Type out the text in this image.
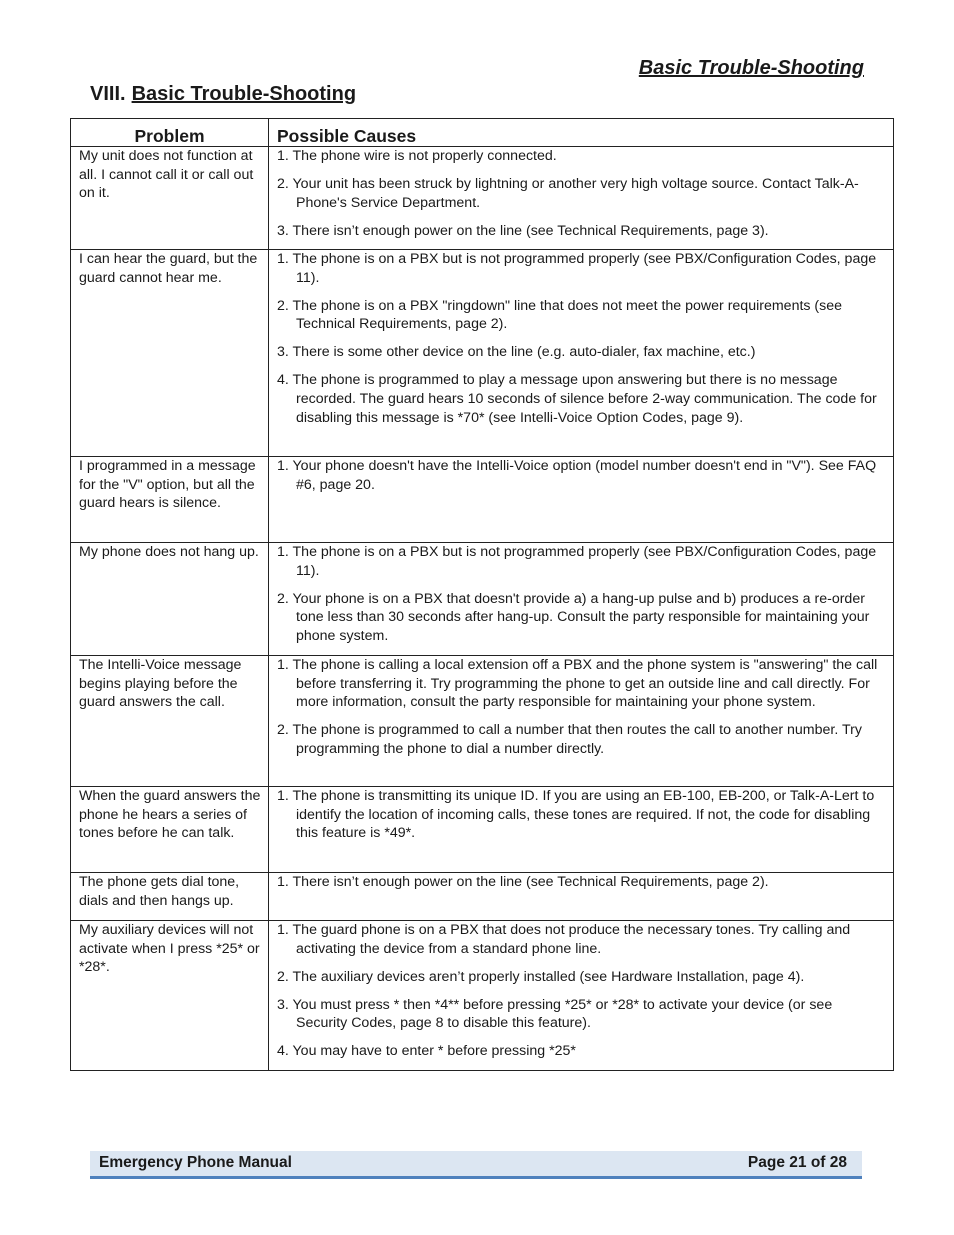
Basic Trouble-Shooting
VIII. Basic Trouble-Shooting
Problem	Possible Causes
My unit does not function at all. I cannot call it or call out on it.	1. The phone wire is not properly connected.
2. Your unit has been struck by lightning or another very high voltage source. Contact Talk-A-Phone's Service Department.
3. There isn’t enough power on the line (see Technical Requirements, page 3).

I can hear the guard, but the guard cannot hear me.	1. The phone is on a PBX but is not programmed properly (see PBX/Configuration Codes, page 11).
2. The phone is on a PBX "ringdown" line that does not meet the power requirements (see Technical Requirements, page 2).
3. There is some other device on the line (e.g. auto-dialer, fax machine, etc.)
4. The phone is programmed to play a message upon answering but there is no message recorded. The guard hears 10 seconds of silence before 2-way communication. The code for disabling this message is *70* (see Intelli-Voice Option Codes, page 9).

I programmed in a message for the "V" option, but all the guard hears is silence.	1. Your phone doesn't have the Intelli-Voice option (model number doesn't end in "V"). See FAQ #6, page 20.

My phone does not hang up.	1. The phone is on a PBX but is not programmed properly (see PBX/Configuration Codes, page 11).
2. Your phone is on a PBX that doesn't provide a) a hang-up pulse and b) produces a re-order tone less than 30 seconds after hang-up. Consult the party responsible for maintaining your phone system.

The Intelli-Voice message begins playing before the guard answers the call.	1. The phone is calling a local extension off a PBX and the phone system is "answering" the call before transferring it. Try programming the phone to get an outside line and call directly. For more information, consult the party responsible for maintaining your phone system.
2. The phone is programmed to call a number that then routes the call to another number. Try programming the phone to dial a number directly.

When the guard answers the phone he hears a series of tones before he can talk.	1. The phone is transmitting its unique ID. If you are using an EB-100, EB-200, or Talk-A-Lert to identify the location of incoming calls, these tones are required. If not, the code for disabling this feature is *49*.

The phone gets dial tone, dials and then hangs up.	1. There isn’t enough power on the line (see Technical Requirements, page 2).

My auxiliary devices will not activate when I press *25* or *28*.	1. The guard phone is on a PBX that does not produce the necessary tones. Try calling and activating the device from a standard phone line.
2. The auxiliary devices aren’t properly installed (see Hardware Installation, page 4).
3. You must press * then *4** before pressing *25* or *28* to activate your device (or see Security Codes, page 8 to disable this feature).
4. You may have to enter * before pressing *25*
Emergency Phone Manual	Page 21 of 28
